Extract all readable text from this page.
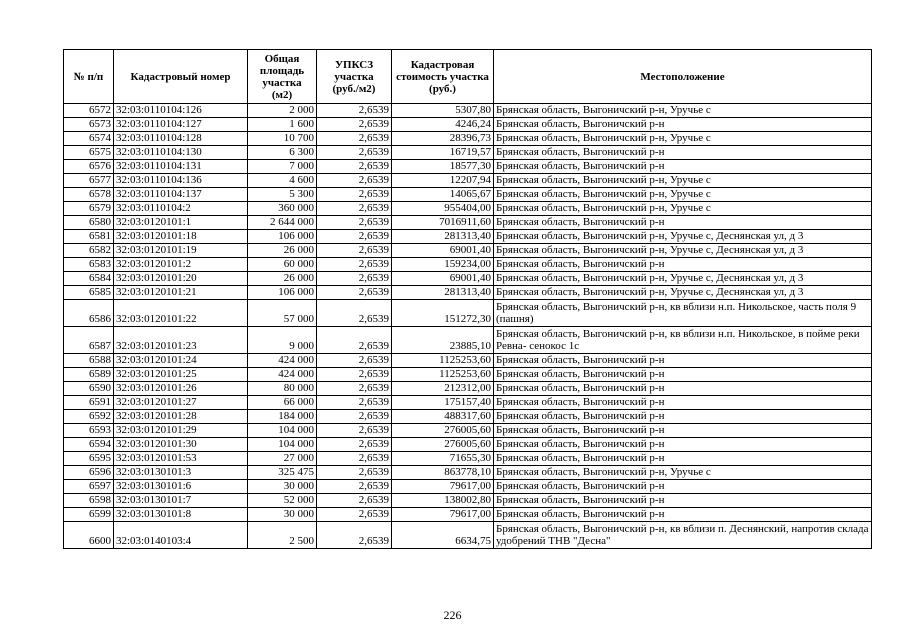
№ п/п	Кадастровый номер	Общая площадь участка (м2)	УПКСЗ участка (руб./м2)	Кадастровая стоимость участка (руб.)	Местоположение
6572	32:03:0110104:126	2 000	2,6539	5307,80	Брянская область, Выгоничский р-н, Уручье с
6573	32:03:0110104:127	1 600	2,6539	4246,24	Брянская область, Выгоничский р-н
6574	32:03:0110104:128	10 700	2,6539	28396,73	Брянская область, Выгоничский р-н, Уручье с
6575	32:03:0110104:130	6 300	2,6539	16719,57	Брянская область, Выгоничский р-н
6576	32:03:0110104:131	7 000	2,6539	18577,30	Брянская область, Выгоничский р-н
6577	32:03:0110104:136	4 600	2,6539	12207,94	Брянская область, Выгоничский р-н, Уручье с
6578	32:03:0110104:137	5 300	2,6539	14065,67	Брянская область, Выгоничский р-н, Уручье с
6579	32:03:0110104:2	360 000	2,6539	955404,00	Брянская область, Выгоничский р-н, Уручье с
6580	32:03:0120101:1	2 644 000	2,6539	7016911,60	Брянская область, Выгоничский р-н
6581	32:03:0120101:18	106 000	2,6539	281313,40	Брянская область, Выгоничский р-н, Уручье с, Деснянская ул, д 3
6582	32:03:0120101:19	26 000	2,6539	69001,40	Брянская область, Выгоничский р-н, Уручье с, Деснянская ул, д 3
6583	32:03:0120101:2	60 000	2,6539	159234,00	Брянская область, Выгоничский р-н
6584	32:03:0120101:20	26 000	2,6539	69001,40	Брянская область, Выгоничский р-н, Уручье с, Деснянская ул, д 3
6585	32:03:0120101:21	106 000	2,6539	281313,40	Брянская область, Выгоничский р-н, Уручье с, Деснянская ул, д 3
6586	32:03:0120101:22	57 000	2,6539	151272,30	Брянская область, Выгоничский р-н, кв вблизи н.п. Никольское, часть поля 9 (пашня)
6587	32:03:0120101:23	9 000	2,6539	23885,10	Брянская область, Выгоничский р-н, кв вблизи н.п. Никольское, в пойме реки Ревна- сенокос 1с
6588	32:03:0120101:24	424 000	2,6539	1125253,60	Брянская область, Выгоничский р-н
6589	32:03:0120101:25	424 000	2,6539	1125253,60	Брянская область, Выгоничский р-н
6590	32:03:0120101:26	80 000	2,6539	212312,00	Брянская область, Выгоничский р-н
6591	32:03:0120101:27	66 000	2,6539	175157,40	Брянская область, Выгоничский р-н
6592	32:03:0120101:28	184 000	2,6539	488317,60	Брянская область, Выгоничский р-н
6593	32:03:0120101:29	104 000	2,6539	276005,60	Брянская область, Выгоничский р-н
6594	32:03:0120101:30	104 000	2,6539	276005,60	Брянская область, Выгоничский р-н
6595	32:03:0120101:53	27 000	2,6539	71655,30	Брянская область, Выгоничский р-н
6596	32:03:0130101:3	325 475	2,6539	863778,10	Брянская область, Выгоничский р-н, Уручье с
6597	32:03:0130101:6	30 000	2,6539	79617,00	Брянская область, Выгоничский р-н
6598	32:03:0130101:7	52 000	2,6539	138002,80	Брянская область, Выгоничский р-н
6599	32:03:0130101:8	30 000	2,6539	79617,00	Брянская область, Выгоничский р-н
6600	32:03:0140103:4	2 500	2,6539	6634,75	Брянская область, Выгоничский р-н, кв вблизи п. Деснянский, напротив склада удобрений ТНВ "Десна"
226
